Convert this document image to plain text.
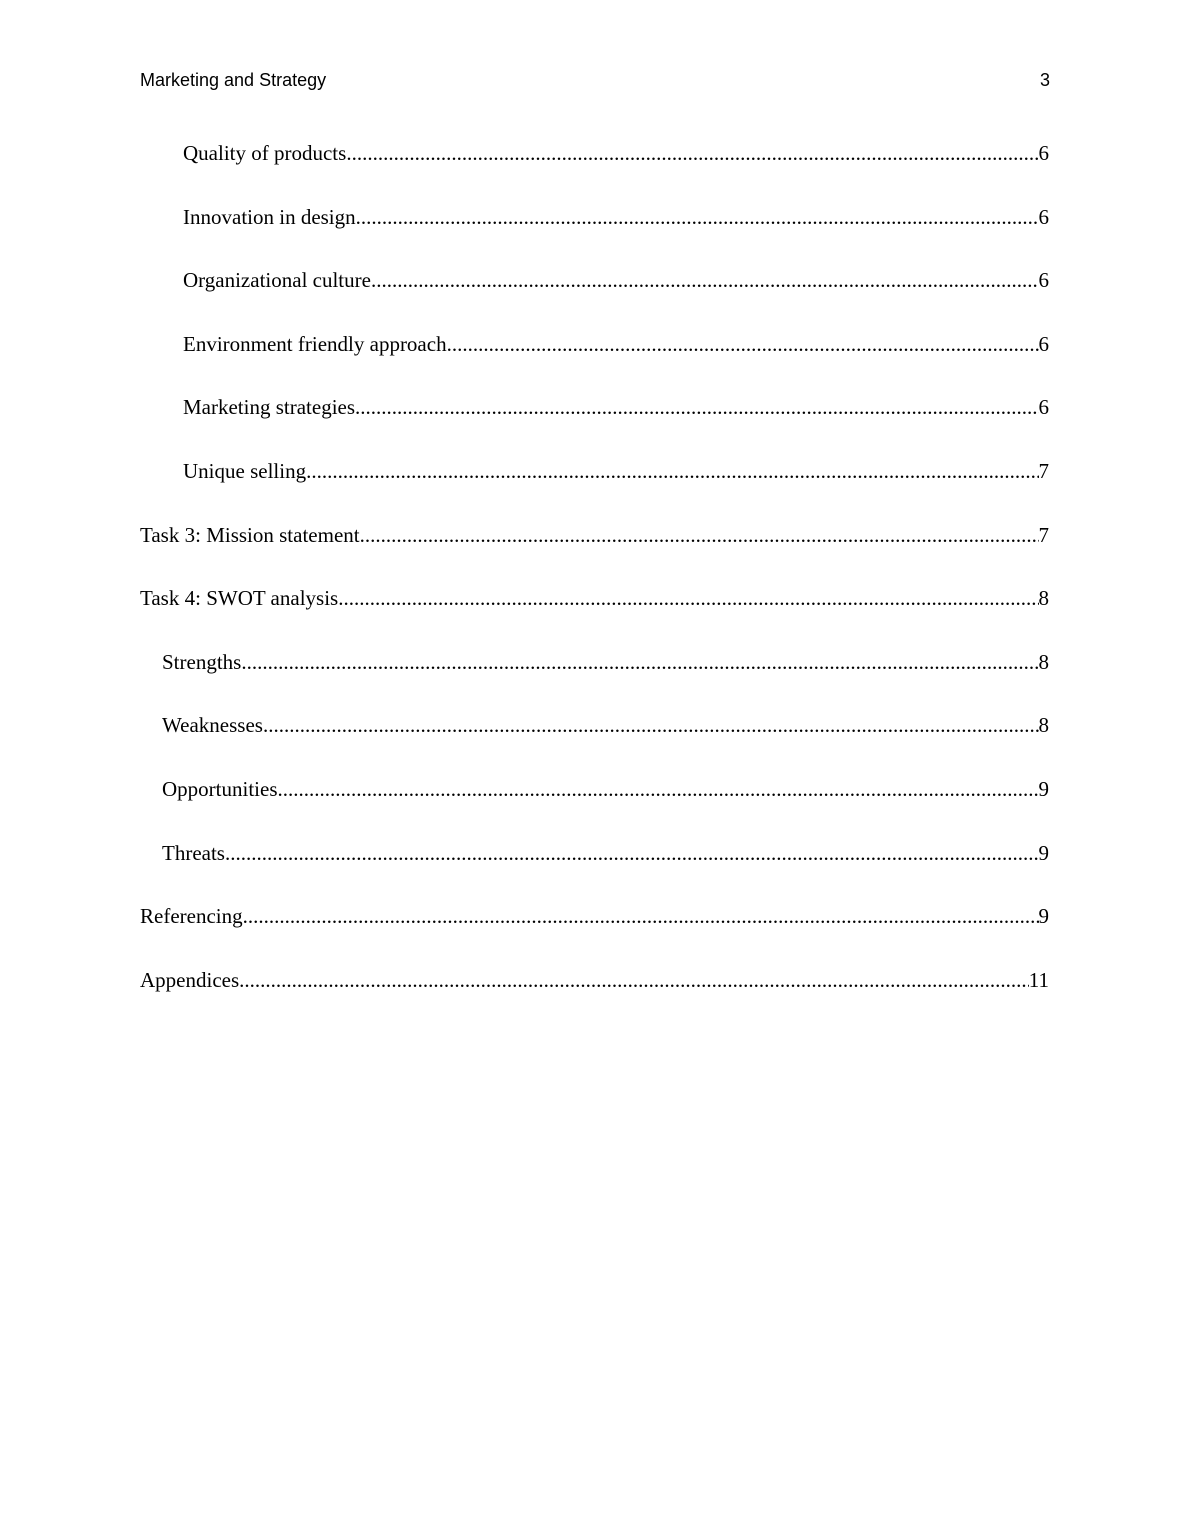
Marketing and Strategy	3
Quality of products .....	6
Innovation in design .....	6
Organizational culture .....	6
Environment friendly approach .....	6
Marketing strategies .....	6
Unique selling .....	7
Task 3: Mission statement .....	7
Task 4: SWOT analysis .....	8
Strengths .....	8
Weaknesses .....	8
Opportunities .....	9
Threats .....	9
Referencing .....	9
Appendices .....	11
